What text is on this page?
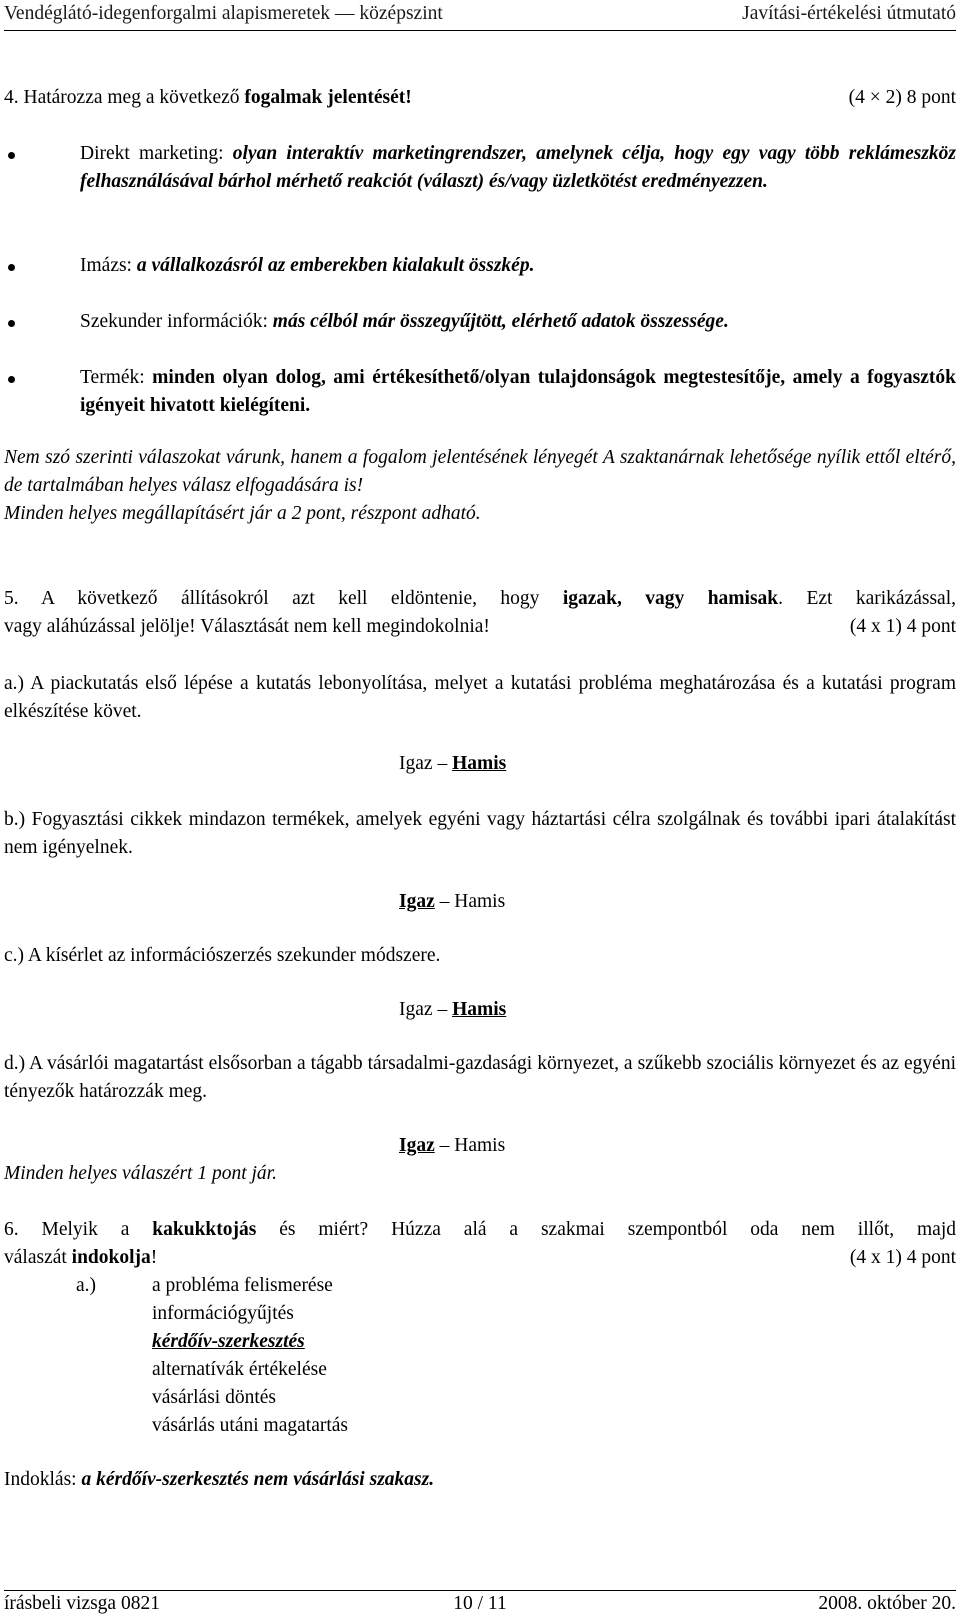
Vendéglátó-idegenforgalmi alapismeretek — középszint	Javítási-értékelési útmutató
4. Határozza meg a következő fogalmak jelentését!	(4 × 2) 8 pont
Direkt marketing: olyan interaktív marketingrendszer, amelynek célja, hogy egy vagy több reklámeszköz felhasználásával bárhol mérhető reakciót (választ) és/vagy üzletkötést eredményezzen.
Imázs: a vállalkozásról az emberekben kialakult összkép.
Szekunder információk: más célból már összegyűjtött, elérhető adatok összessége.
Termék: minden olyan dolog, ami értékesíthető/olyan tulajdonságok megtestesítője, amely a fogyasztók igényeit hivatott kielégíteni.
Nem szó szerinti válaszokat várunk, hanem a fogalom jelentésének lényegét A szaktanárnak lehetősége nyílik ettől eltérő, de tartalmában helyes válasz elfogadására is!
Minden helyes megállapításért jár a 2 pont, részpont adható.
5. A következő állításokról azt kell eldöntenie, hogy igazak, vagy hamisak. Ezt karikázással,
vagy aláhúzással jelölje! Választását nem kell megindokolnia!	(4 x 1) 4 pont
a.) A piackutatás első lépése a kutatás lebonyolítása, melyet a kutatási probléma meghatározása és a kutatási program elkészítése követ.
Igaz – Hamis
b.) Fogyasztási cikkek mindazon termékek, amelyek egyéni vagy háztartási célra szolgálnak és további ipari átalakítást nem igényelnek.
Igaz – Hamis
c.) A kísérlet az információszerzés szekunder módszere.
Igaz – Hamis
d.) A vásárlói magatartást elsősorban a tágabb társadalmi-gazdasági környezet, a szűkebb szociális környezet és az egyéni tényezők határozzák meg.
Igaz – Hamis
Minden helyes válaszért 1 pont jár.
6. Melyik a kakukktojás és miért? Húzza alá a szakmai szempontból oda nem illőt, majd
válaszát indokolja!	(4 x 1) 4 pont
a.)	a probléma felismerése
információgyűjtés
kérdőív-szerkesztés
alternatívák értékelése
vásárlási döntés
vásárlás utáni magatartás
Indoklás: a kérdőív-szerkesztés nem vásárlási szakasz.
írásbeli vizsga 0821	10 / 11	2008. október 20.
